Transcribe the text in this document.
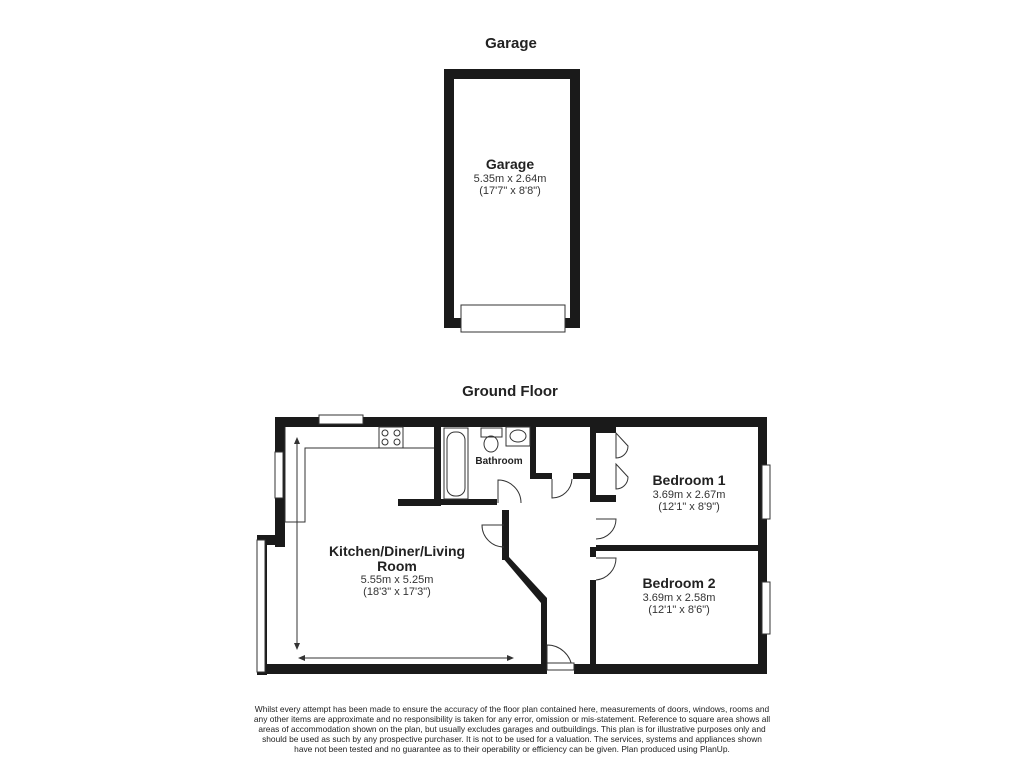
Garage
Garage
5.35m x 2.64m
(17'7" x 8'8")
Ground Floor
Kitchen/Diner/Living
Room
5.55m x 5.25m
(18'3" x 17'3")
Bathroom
Bedroom 1
3.69m x 2.67m
(12'1" x 8'9")
Bedroom 2
3.69m x 2.58m
(12'1" x 8'6")

Whilst every attempt has been made to ensure the accuracy of the floor plan contained here, measurements of doors, windows, rooms and any other items are approximate and no responsibility is taken for any error, omission or mis-statement. Reference to square area shows all areas of accommodation shown on the plan, but usually excludes garages and outbuildings. This plan is for illustrative purposes only and should be used as such by any prospective purchaser. It is not to be used for a valuation. The services, systems and appliances shown have not been tested and no guarantee as to their operability or efficiency can be given. Plan produced using PlanUp.
